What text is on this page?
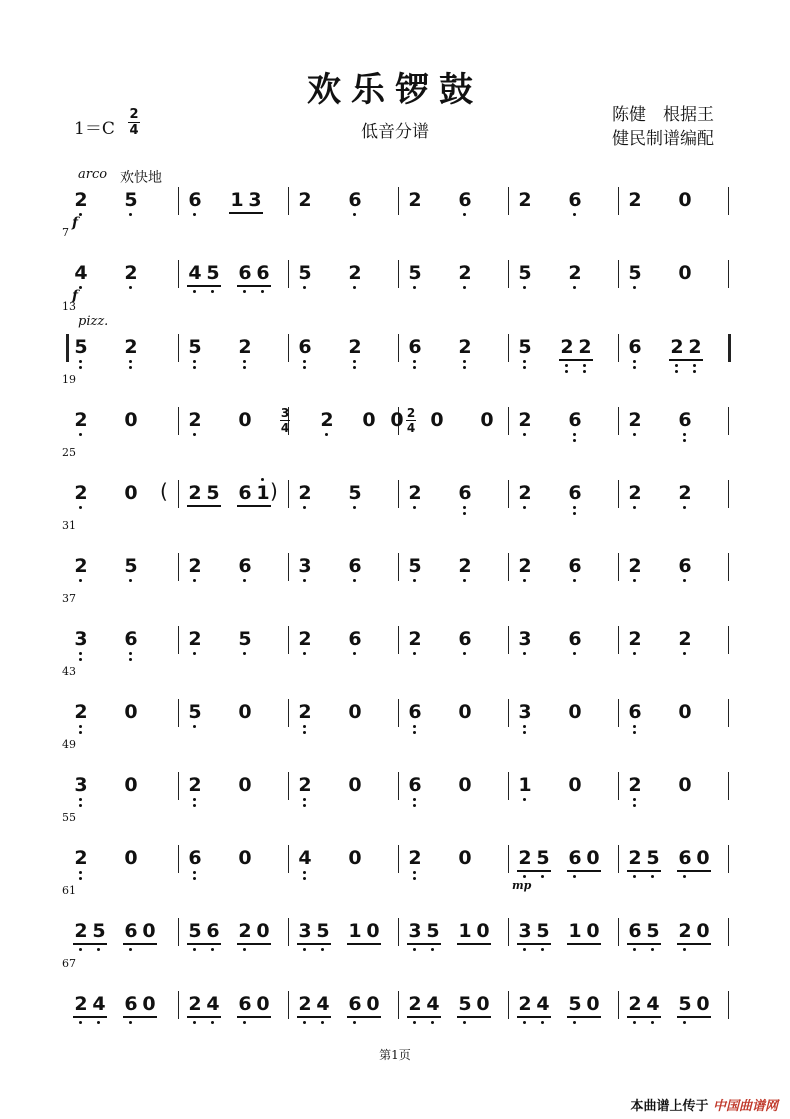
欢乐锣鼓
1＝C
2
4	低音分谱
陈健　根据王
健民制谱编配
arco 欢快地
f
2 5	6 1 3 2 6 2 6 2 6 2 0
7
f
4 2	4 5 6 6 5 2 5 2 5 2 5 0
13
pizz.
5 2	5 2 6 2 6 2 5 2 2 6 2 2
19
2 0	2 0	2 0 0 0 0 2 6 2 6
3
4
2
4
25
2 0	2 5 6 1 2 5 2 6 2 6 2 2
(	)
31
2 5	2 6 3 6 5 2 2 6 2 6
37
3 6	2 5 2 6 2 6 3 6 2 2
43
2 0	5 0 2 0 6 0 3 0 6 0
49
3 0	2 0 2 0 6 0 1 0 2 0
55
mp
2 0	6 0 4 0 2 0 2 5 6 0 2 5 6 0
61
2 5 6 0 5 6 2 0 3 5 1 0 3 5 1 0 3 5 1 0 6 5 2 0
67
2 4 6 0 2 4 6 0 2 4 6 0 2 4 5 0 2 4 5 0 2 4 5 0
第1页
本曲谱上传于 中国曲谱网
